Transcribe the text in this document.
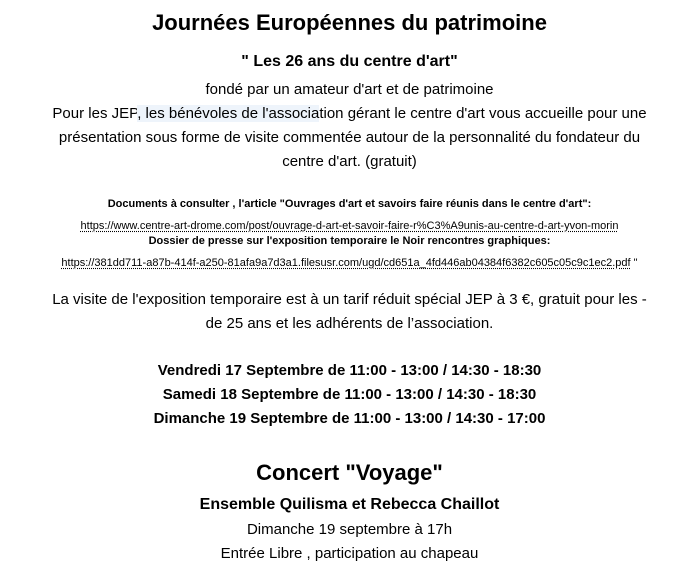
Journées Européennes du patrimoine
" Les 26 ans du centre d'art"
fondé par un amateur d'art et de patrimoine
Pour les JEP, les bénévoles de l'association gérant le centre d'art vous accueille pour une
présentation sous forme de visite commentée autour de la personnalité du fondateur du
centre d'art. (gratuit)
Documents à consulter , l'article "Ouvrages d'art et savoirs faire réunis dans le centre d'art":
https://www.centre-art-drome.com/post/ouvrage-d-art-et-savoir-faire-r%C3%A9unis-au-centre-d-art-yvon-morin
Dossier de presse sur l'exposition temporaire le Noir rencontres graphiques:
https://381dd711-a87b-414f-a250-81afa9a7d3a1.filesusr.com/ugd/cd651a_4fd446ab04384f6382c605c05c9c1ec2.pdf "
La visite de l'exposition temporaire est à un tarif réduit spécial JEP à 3 €, gratuit pour les -
de 25 ans et les adhérents de l’association.
Vendredi 17 Septembre de 11:00 - 13:00 / 14:30 - 18:30
Samedi 18 Septembre de 11:00 - 13:00 / 14:30 - 18:30
Dimanche 19 Septembre de 11:00 - 13:00 / 14:30 - 17:00
Concert "Voyage"
Ensemble Quilisma et Rebecca Chaillot
Dimanche 19 septembre à 17h
Entrée Libre , participation au chapeau
